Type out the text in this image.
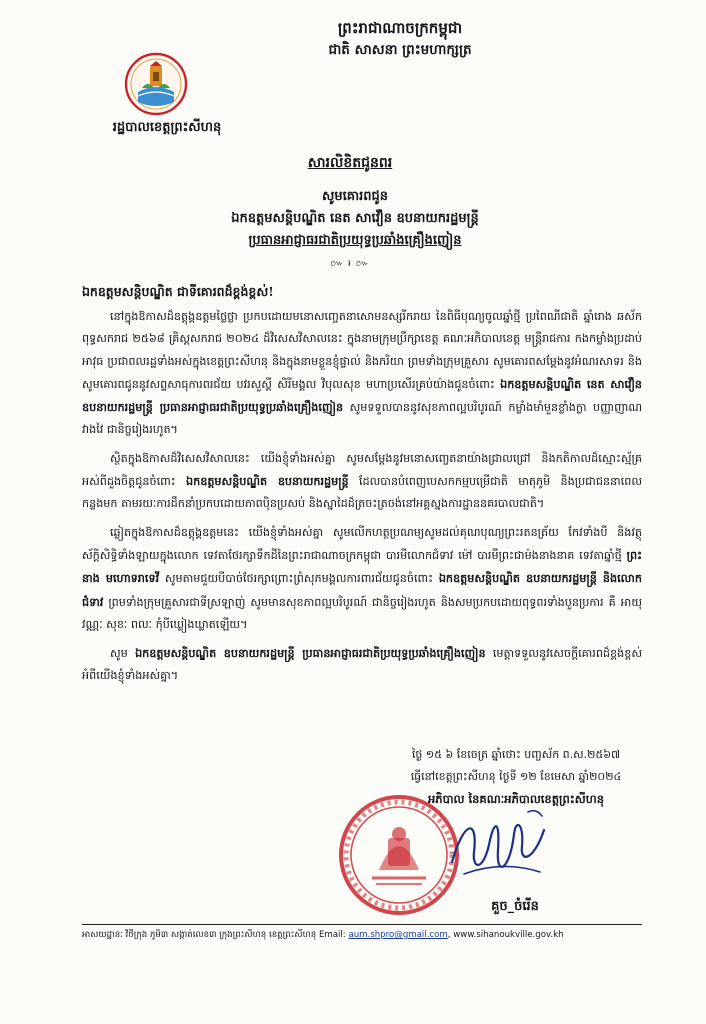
ព្រះរាជាណាចក្រកម្ពុជា
ជាតិ សាសនា ព្រះមហាក្សត្រ
រដ្ឋបាលខេត្តព្រះសីហនុ
សារលិខិតជូនពរ
សូមគោរពជូន
ឯកឧត្តមសន្តិបណ្ឌិត នេត សាវឿន ឧបនាយករដ្ឋមន្ត្រី
ប្រធានអាជ្ញាធរជាតិប្រយុទ្ធប្រឆាំងគ្រឿងញៀន
៚ ៛ ៚
ឯកឧត្តមសន្តិបណ្ឌិត ជាទីគោរពដ៏ខ្ពង់ខ្ពស់!

នៅក្នុងឱកាសដ៏ឧត្តុង្គឧត្តមថ្លៃថ្លា ប្រកបដោយមនោសញ្ចេតនាសោមនស្សរីករាយ នៃពិធីបុណ្យចូលឆ្នាំថ្មី ប្រពៃណីជាតិ ឆ្នាំរោង ឆស័ក ពុទ្ធសករាជ ២៥៦៨ គ្រិស្តសករាជ ២០២៤ ដ៏វិសេសវិសាលនេះ ក្នុងនាមក្រុមប្រឹក្សាខេត្ត គណៈអភិបាលខេត្ត មន្ត្រីរាជការ កងកម្លាំងប្រដាប់អាវុធ ប្រជាពលរដ្ឋទាំងអស់ក្នុងខេត្តព្រះសីហនុ និងក្នុងនាមខ្លួនខ្ញុំផ្ទាល់ និងភរិយា ព្រមទាំងក្រុមគ្រួសារ សូមគោរពសម្តែងនូវអំណរសាទរ និងសូមគោរពជូននូវសព្ទសាធុការពរជ័យ បវរសួស្តី សិរីមង្គល វិបុលសុខ មហាប្រសើរគ្រប់យ៉ាងជូនចំពោះ ឯកឧត្តមសន្តិបណ្ឌិត នេត សាវឿន ឧបនាយករដ្ឋមន្ត្រី ប្រធានអាជ្ញាធរជាតិប្រយុទ្ធប្រឆាំងគ្រឿងញៀន សូមទទួលបាននូវសុខភាពល្អបរិបូរណ៍ កម្លាំងមាំមួនខ្លាំងក្លា បញ្ញាញាណវាងវៃ ជានិច្ចរៀងរហូត។

ស្ថិតក្នុងឱកាសដ៏វិសេសវិសាលនេះ យើងខ្ញុំទាំងអស់គ្នា សូមសម្តែងនូវមនោសញ្ចេតនាយ៉ាងជ្រាលជ្រៅ និងកតិកាលដ៏ស្មោះស្ម័គ្រអស់ពីដួងចិត្តជូនចំពោះ ឯកឧត្តមសន្តិបណ្ឌិត ឧបនាយករដ្ឋមន្ត្រី ដែលបានបំពេញបេសកកម្មបម្រើជាតិ មាតុភូមិ និងប្រជាជននាពេលកន្លងមក តាមរយៈការដឹកនាំប្រកបដោយភាពប៉ិនប្រសប់ និងស្នាដៃដ៏ត្រចះត្រចង់នៅអគ្គស្នងការដ្ឋាននគរបាលជាតិ។

ឆ្លៀតក្នុងឱកាសដ៏ឧត្តុង្គឧត្តមនេះ យើងខ្ញុំទាំងអស់គ្នា សូមលើកហត្ថប្រណម្យសូមដល់គុណបុណ្យព្រះរតនត្រ័យ កែវទាំងបី និងវត្ថុស័ក្តិសិទ្ធិទាំងឡាយក្នុងលោក ទេវតាថែរក្សាទឹកដីនៃព្រះរាជាណាចក្រកម្ពុជា បារមីលោកជំទាវ ម៉ៅ បារមីព្រះជាម៉ងនាងនាគ ទេវតាឆ្នាំថ្មី ព្រះនាង មហោទរាទេវី សូមតាមជួយបីបាច់ថែរក្សាព្រោះព្រំសុភមង្គលការពារជ័យជូនចំពោះ ឯកឧត្តមសន្តិបណ្ឌិត ឧបនាយករដ្ឋមន្ត្រី និងលោកជំទាវ ព្រមទាំងក្រុមគ្រួសារជាទីស្រឡាញ់ សូមមានសុខភាពល្អបរិបូរណ៍ ជានិច្ចរៀងរហូត និងសមប្រកបដោយពុទ្ធពរទាំងបួនប្រការ គឺ អាយុ វណ្ណៈ សុខៈ ពលៈ កុំបីឃ្លៀងឃ្លាតឡើយ។

សូម ឯកឧត្តមសន្តិបណ្ឌិត ឧបនាយករដ្ឋមន្ត្រី ប្រធានអាជ្ញាធរជាតិប្រយុទ្ធប្រឆាំងគ្រឿងញៀន មេត្តាទទួលនូវសេចក្តីគោរពដ៏ខ្ពង់ខ្ពស់ អំពីយើងខ្ញុំទាំងអស់គ្នា។

ថ្ងៃ ១៥ ៦ ខែចេត្រ ឆ្នាំថោះ បញ្ចស័ក ព.ស.២៥៦៧
ធ្វើនៅខេត្តព្រះសីហនុ ថ្ងៃទី ១២ ខែមេសា ឆ្នាំ២០២៤
អភិបាល នៃគណៈអភិបាលខេត្តព្រះសីហនុ
គួច_ចំរើន
អាសយដ្ឋានៈ វិថីក្រុង ភូមិ៣ សង្កាត់លេខ៣ ក្រុងព្រះសីហនុ ខេត្តព្រះសីហនុ Email: aum.shpro@gmail.com, www.sihanoukville.gov.kh
